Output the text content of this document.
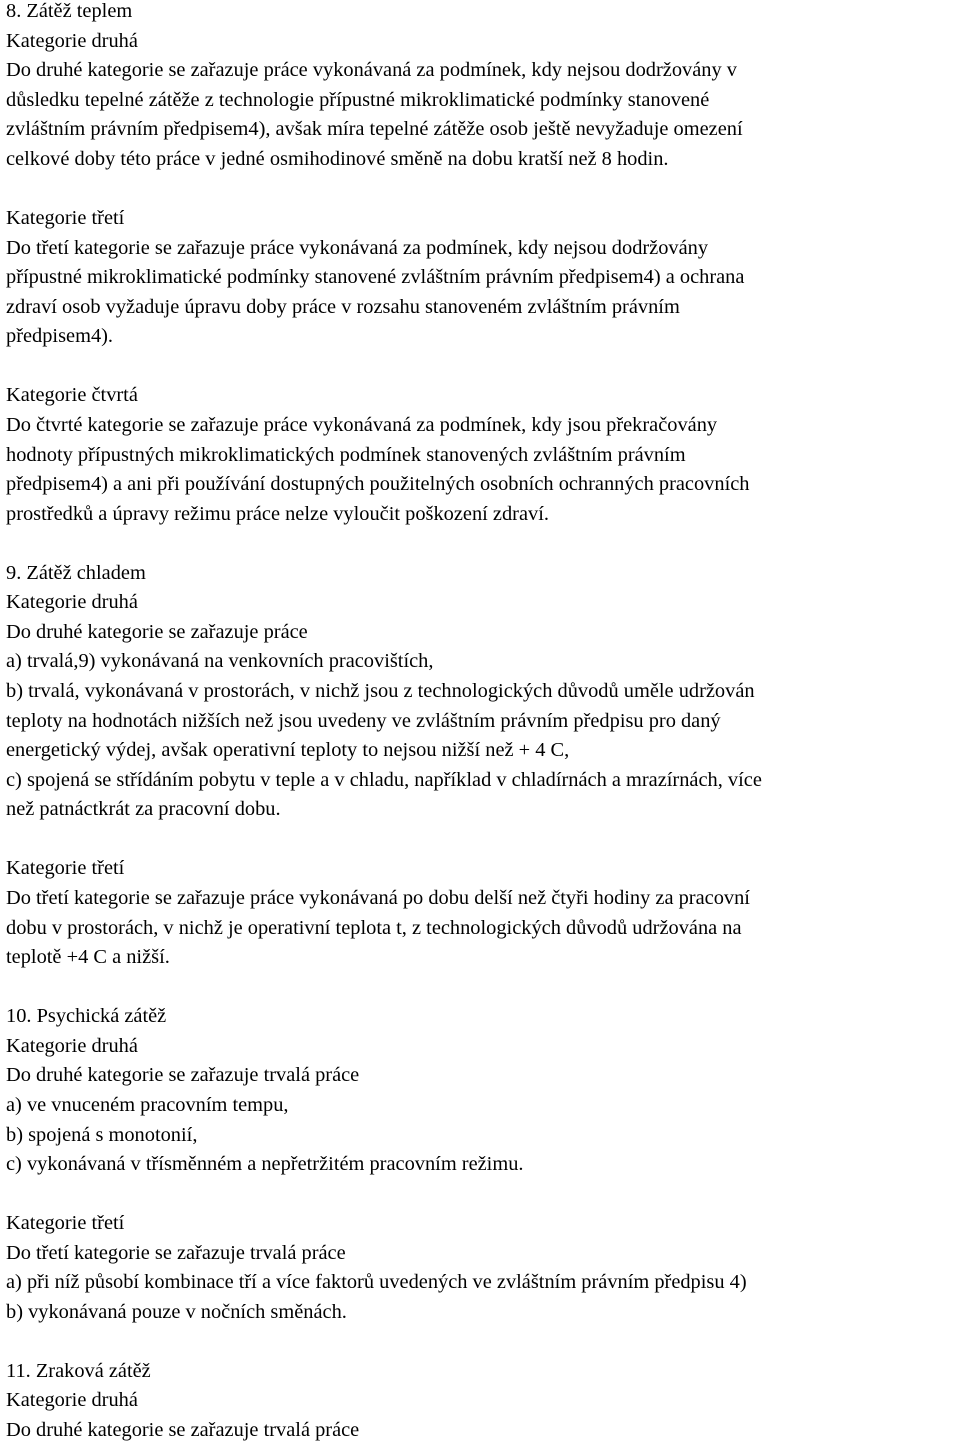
8. Zátěž teplem
Kategorie druhá
Do druhé kategorie se zařazuje práce vykonávaná za podmínek, kdy nejsou dodržovány v
důsledku tepelné zátěže z technologie přípustné mikroklimatické podmínky stanovené
zvláštním právním předpisem4), avšak míra tepelné zátěže osob ještě nevyžaduje omezení
celkové doby této práce v jedné osmihodinové směně na dobu kratší než 8 hodin.
Kategorie třetí
Do třetí kategorie se zařazuje práce vykonávaná za podmínek, kdy nejsou dodržovány
přípustné mikroklimatické podmínky stanovené zvláštním právním předpisem4) a ochrana
zdraví osob vyžaduje úpravu doby práce v rozsahu stanoveném zvláštním právním
předpisem4).
Kategorie čtvrtá
Do čtvrté kategorie se zařazuje práce vykonávaná za podmínek, kdy jsou překračovány
hodnoty přípustných mikroklimatických podmínek stanovených zvláštním právním
předpisem4) a ani při používání dostupných použitelných osobních ochranných pracovních
prostředků a úpravy režimu práce nelze vyloučit poškození zdraví.
9. Zátěž chladem
Kategorie druhá
Do druhé kategorie se zařazuje práce
a) trvalá,9) vykonávaná na venkovních pracovištích,
b) trvalá, vykonávaná v prostorách, v nichž jsou z technologických důvodů uměle udržován
teploty na hodnotách nižších než jsou uvedeny ve zvláštním právním předpisu pro daný
energetický výdej, avšak operativní teploty to nejsou nižší než + 4 C,
c) spojená se střídáním pobytu v teple a v chladu, například v chladírnách a mrazírnách, více
než patnáctkrát za pracovní dobu.
Kategorie třetí
Do třetí kategorie se zařazuje práce vykonávaná po dobu delší než čtyři hodiny za pracovní
dobu v prostorách, v nichž je operativní teplota t, z technologických důvodů udržována na
teplotě +4 C a nižší.
10. Psychická zátěž
Kategorie druhá
Do druhé kategorie se zařazuje trvalá práce
a) ve vnuceném pracovním tempu,
b) spojená s monotonií,
c) vykonávaná v třísměnném a nepřetržitém pracovním režimu.
Kategorie třetí
Do třetí kategorie se zařazuje trvalá práce
a) při níž působí kombinace tří a více faktorů uvedených ve zvláštním právním předpisu 4)
b) vykonávaná pouze v nočních směnách.
11. Zraková zátěž
Kategorie druhá
Do druhé kategorie se zařazuje trvalá práce
